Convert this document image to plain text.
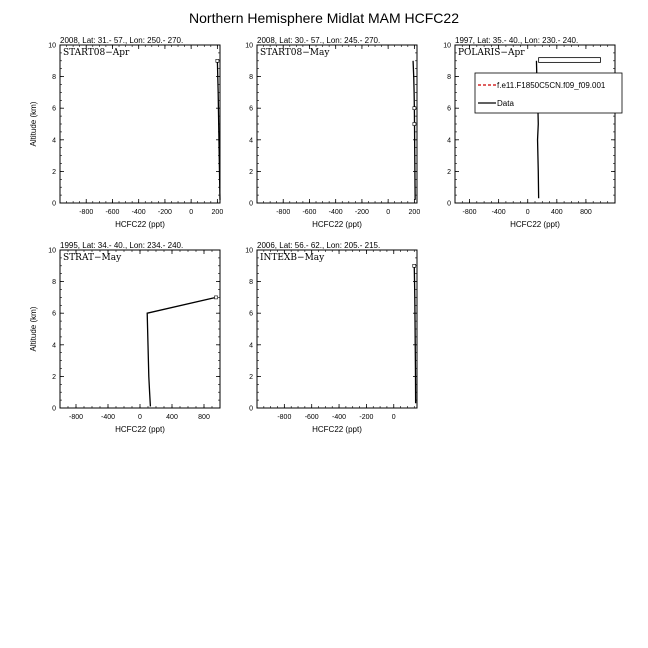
Northern Hemisphere Midlat MAM HCFC22
2008, Lat: 31.- 57., Lon: 250.- 270.
-800 -600 -400 -200 0	200
0
2
4
6
8
10
HCFC22 (ppt)
Altitude (km)
START08−Apr
2008, Lat: 30.- 57., Lon: 245.- 270.
-800 -600 -400 -200 0	200
0
2
4
6
8
10
HCFC22 (ppt)
START08−May
1997, Lat: 35.- 40., Lon: 230.- 240.
-800 -400	0	400 800
0
2
4
6
8
10
HCFC22 (ppt)
POLARIS−Apr
f.e11.F1850C5CN.f09_f09.001
Data
1995, Lat: 34.- 40., Lon: 234.- 240.
-800	-400	0	400	800
0
2
4
6
8
10
HCFC22 (ppt)
Altitude (km)
STRAT−May
2006, Lat: 56.- 62., Lon: 205.- 215.
-800 -600 -400 -200	0
0
2
4
6
8
10
HCFC22 (ppt)
INTEXB−May
